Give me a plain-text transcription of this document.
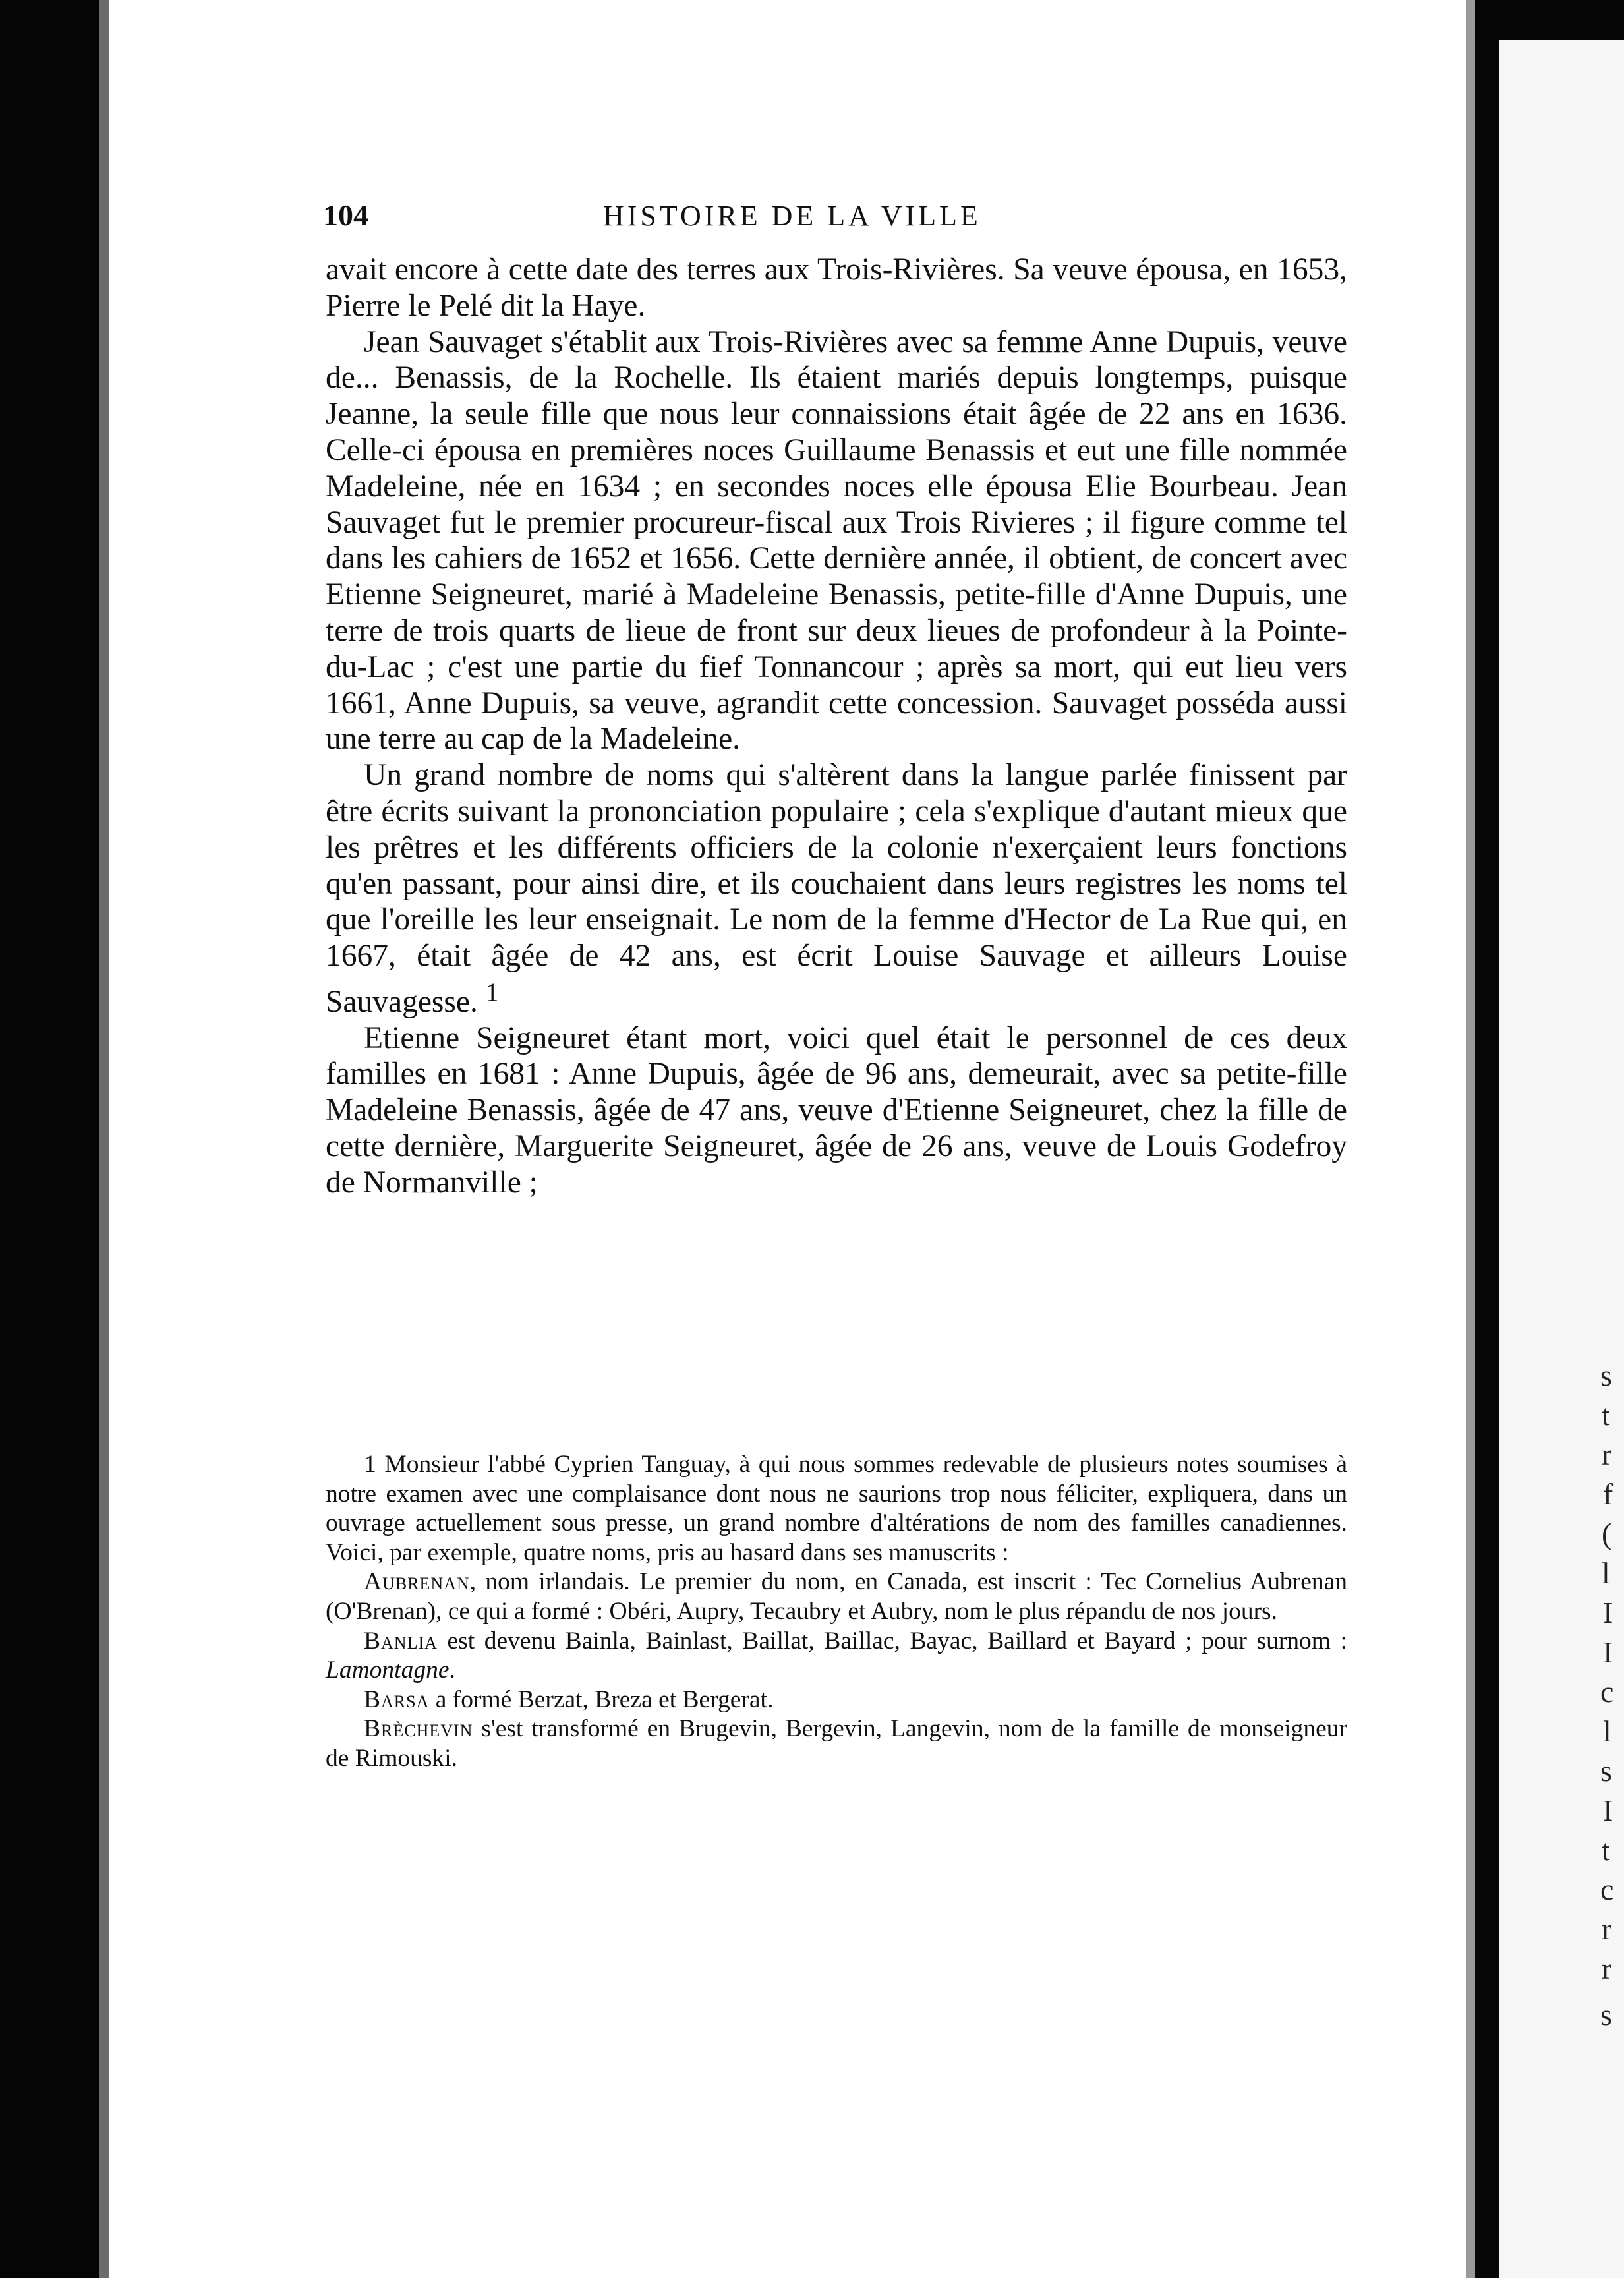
104	HISTOIRE DE LA VILLE

avait encore à cette date des terres aux Trois-Rivières. Sa veuve épousa, en 1653, Pierre le Pelé dit la Haye.

Jean Sauvaget s'établit aux Trois-Rivières avec sa femme Anne Dupuis, veuve de... Benassis, de la Rochelle. Ils étaient mariés depuis longtemps, puisque Jeanne, la seule fille que nous leur connaissions était âgée de 22 ans en 1636. Celle-ci épousa en premières noces Guillaume Benassis et eut une fille nommée Madeleine, née en 1634 ; en secondes noces elle épousa Elie Bourbeau. Jean Sauvaget fut le premier procureur-fiscal aux Trois Rivieres ; il figure comme tel dans les cahiers de 1652 et 1656. Cette dernière année, il obtient, de concert avec Etienne Seigneuret, marié à Madeleine Benassis, petite-fille d'Anne Dupuis, une terre de trois quarts de lieue de front sur deux lieues de profondeur à la Pointe-du-Lac ; c'est une partie du fief Tonnancour ; après sa mort, qui eut lieu vers 1661, Anne Dupuis, sa veuve, agrandit cette concession. Sauvaget posséda aussi une terre au cap de la Madeleine.

Un grand nombre de noms qui s'altèrent dans la langue parlée finissent par être écrits suivant la prononciation populaire ; cela s'explique d'autant mieux que les prêtres et les différents officiers de la colonie n'exerçaient leurs fonctions qu'en passant, pour ainsi dire, et ils couchaient dans leurs registres les noms tel que l'oreille les leur enseignait. Le nom de la femme d'Hector de La Rue qui, en 1667, était âgée de 42 ans, est écrit Louise Sauvage et ailleurs Louise Sauvagesse. $^1$

Etienne Seigneuret étant mort, voici quel était le personnel de ces deux familles en 1681 : Anne Dupuis, âgée de 96 ans, demeurait, avec sa petite-fille Madeleine Benassis, âgée de 47 ans, veuve d'Etienne Seigneuret, chez la fille de cette dernière, Marguerite Seigneuret, âgée de 26 ans, veuve de Louis Godefroy de Normanville ;

1 Monsieur l'abbé Cyprien Tanguay, à qui nous sommes redevable de plusieurs notes soumises à notre examen avec une complaisance dont nous ne saurions trop nous féliciter, expliquera, dans un ouvrage actuellement sous presse, un grand nombre d'altérations de nom des familles canadiennes. Voici, par exemple, quatre noms, pris au hasard dans ses manuscrits :

Aubrenan, nom irlandais. Le premier du nom, en Canada, est inscrit : Tec Cornelius Aubrenan (O'Brenan), ce qui a formé : Obéri, Aupry, Tecaubry et Aubry, nom le plus répandu de nos jours.

Banlia est devenu Bainla, Bainlast, Baillat, Baillac, Bayac, Baillard et Bayard ; pour surnom : Lamontagne.

Barsa a formé Berzat, Breza et Bergerat.

Brèchevin s'est transformé en Brugevin, Bergevin, Langevin, nom de la famille de monseigneur de Rimouski.

s
t
r
f
(
l
I
I
c
l
s
I
t
c
r
r
s
